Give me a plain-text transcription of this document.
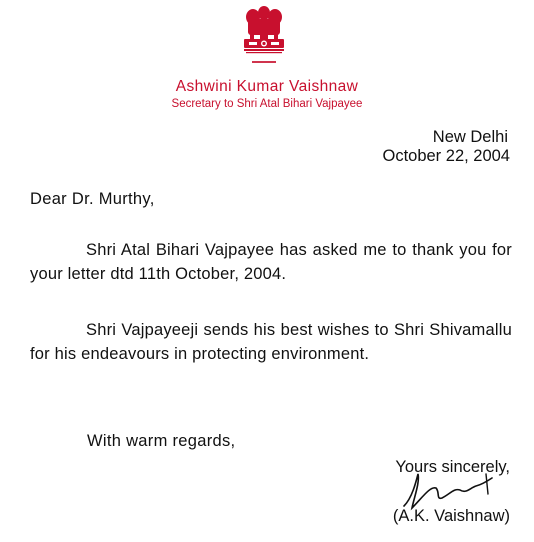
Ashwini Kumar Vaishnaw
Secretary to Shri Atal Bihari Vajpayee
New Delhi
October 22, 2004
Dear Dr. Murthy,
Shri Atal Bihari Vajpayee has asked me to thank you for your letter dtd 11th October, 2004.
Shri Vajpayeeji sends his best wishes to Shri Shivamallu for his endeavours in protecting environment.
With warm regards,
Yours sincerely,
(A.K. Vaishnaw)
